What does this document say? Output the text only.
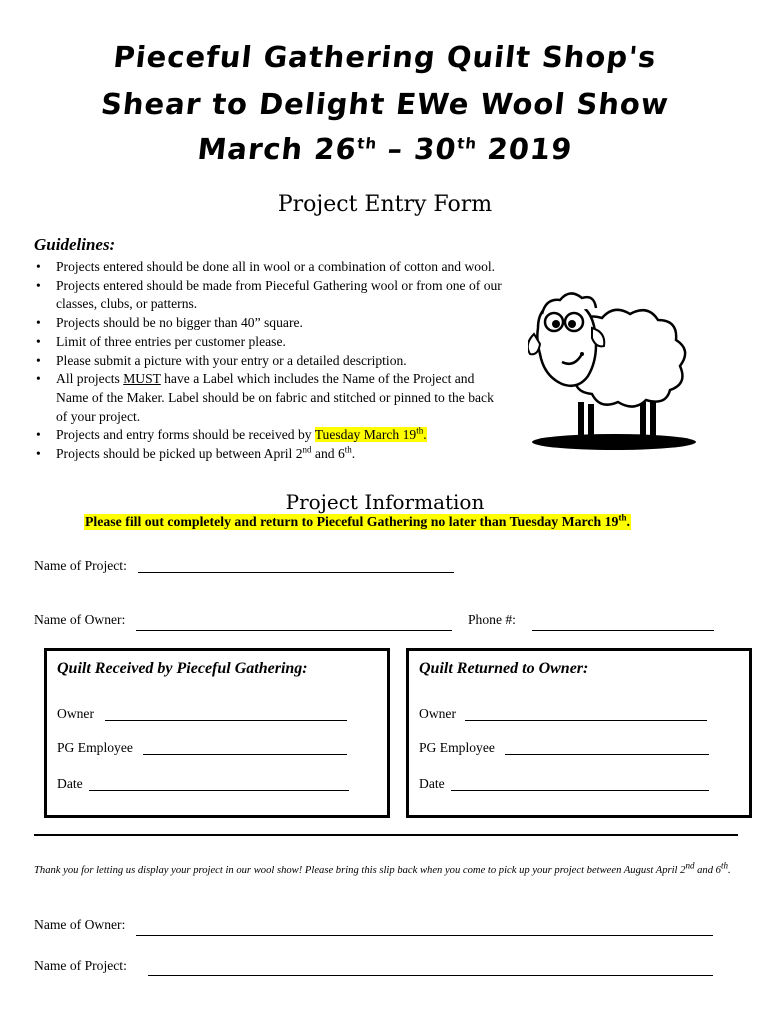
Pieceful Gathering Quilt Shop's
Shear to Delight EWe Wool Show
March 26th – 30th 2019
Project Entry Form
Guidelines:
• Projects entered should be done all in wool or a combination of cotton and wool.
• Projects entered should be made from Pieceful Gathering wool or from one of our classes, clubs, or patterns.
• Projects should be no bigger than 40” square.
• Limit of three entries per customer please.
• Please submit a picture with your entry or a detailed description.
• All projects MUST have a Label which includes the Name of the Project and Name of the Maker. Label should be on fabric and stitched or pinned to the back of your project.
• Projects and entry forms should be received by Tuesday March 19th.
• Projects should be picked up between April 2nd and 6th.
Project Information
Please fill out completely and return to Pieceful Gathering no later than Tuesday March 19th.
Name of Project:
Name of Owner:	Phone #:
Quilt Received by Pieceful Gathering:
Owner
PG Employee
Date
Quilt Returned to Owner:
Owner
PG Employee
Date
Thank you for letting us display your project in our wool show! Please bring this slip back when you come to pick up your project between August April 2nd and 6th.
Name of Owner:
Name of Project:
